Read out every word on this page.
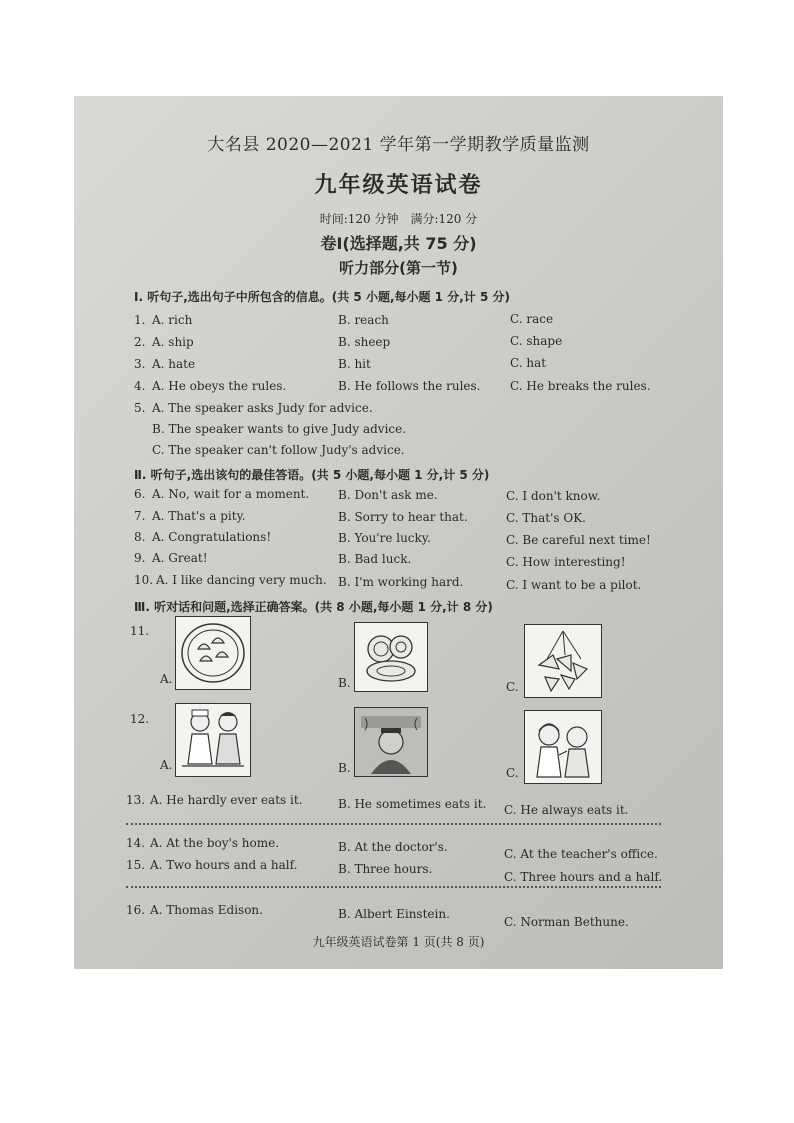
大名县 2020—2021 学年第一学期教学质量监测
九年级英语试卷
时间:120 分钟　满分:120 分
卷Ⅰ(选择题,共 75 分)
听力部分(第一节)
Ⅰ. 听句子,选出句子中所包含的信息。(共 5 小题,每小题 1 分,计 5 分)
1. A. rich	B. reach	C. race
2. A. ship	B. sheep	C. shape
3. A. hate	B. hit	C. hat
4. A. He obeys the rules.	B. He follows the rules. C. He breaks the rules.
5. A. The speaker asks Judy for advice.
B. The speaker wants to give Judy advice.
C. The speaker can't follow Judy's advice.
Ⅱ. 听句子,选出该句的最佳答语。(共 5 小题,每小题 1 分,计 5 分)
6. A. No, wait for a moment. B. Don't ask me.	C. I don't know.
7. A. That's a pity.	B. Sorry to hear that.	C. That's OK.
8. A. Congratulations!	B. You're lucky.	C. Be careful next time!
9. A. Great!	B. Bad luck.	C. How interesting!
10. A. I like dancing very much. B. I'm working hard.	C. I want to be a pilot.
Ⅲ. 听对话和问题,选择正确答案。(共 8 小题,每小题 1 分,计 8 分)
11.
A.	B.	C.
12.
A.	B.	C.
13. A. He hardly ever eats it.	B. He sometimes eats it. C. He always eats it.
14. A. At the boy's home.	B. At the doctor's.	C. At the teacher's office.
15. A. Two hours and a half.	B. Three hours.
C. Three hours and a half.
16. A. Thomas Edison.	B. Albert Einstein.
C. Norman Bethune.
九年级英语试卷第 1 页(共 8 页)
